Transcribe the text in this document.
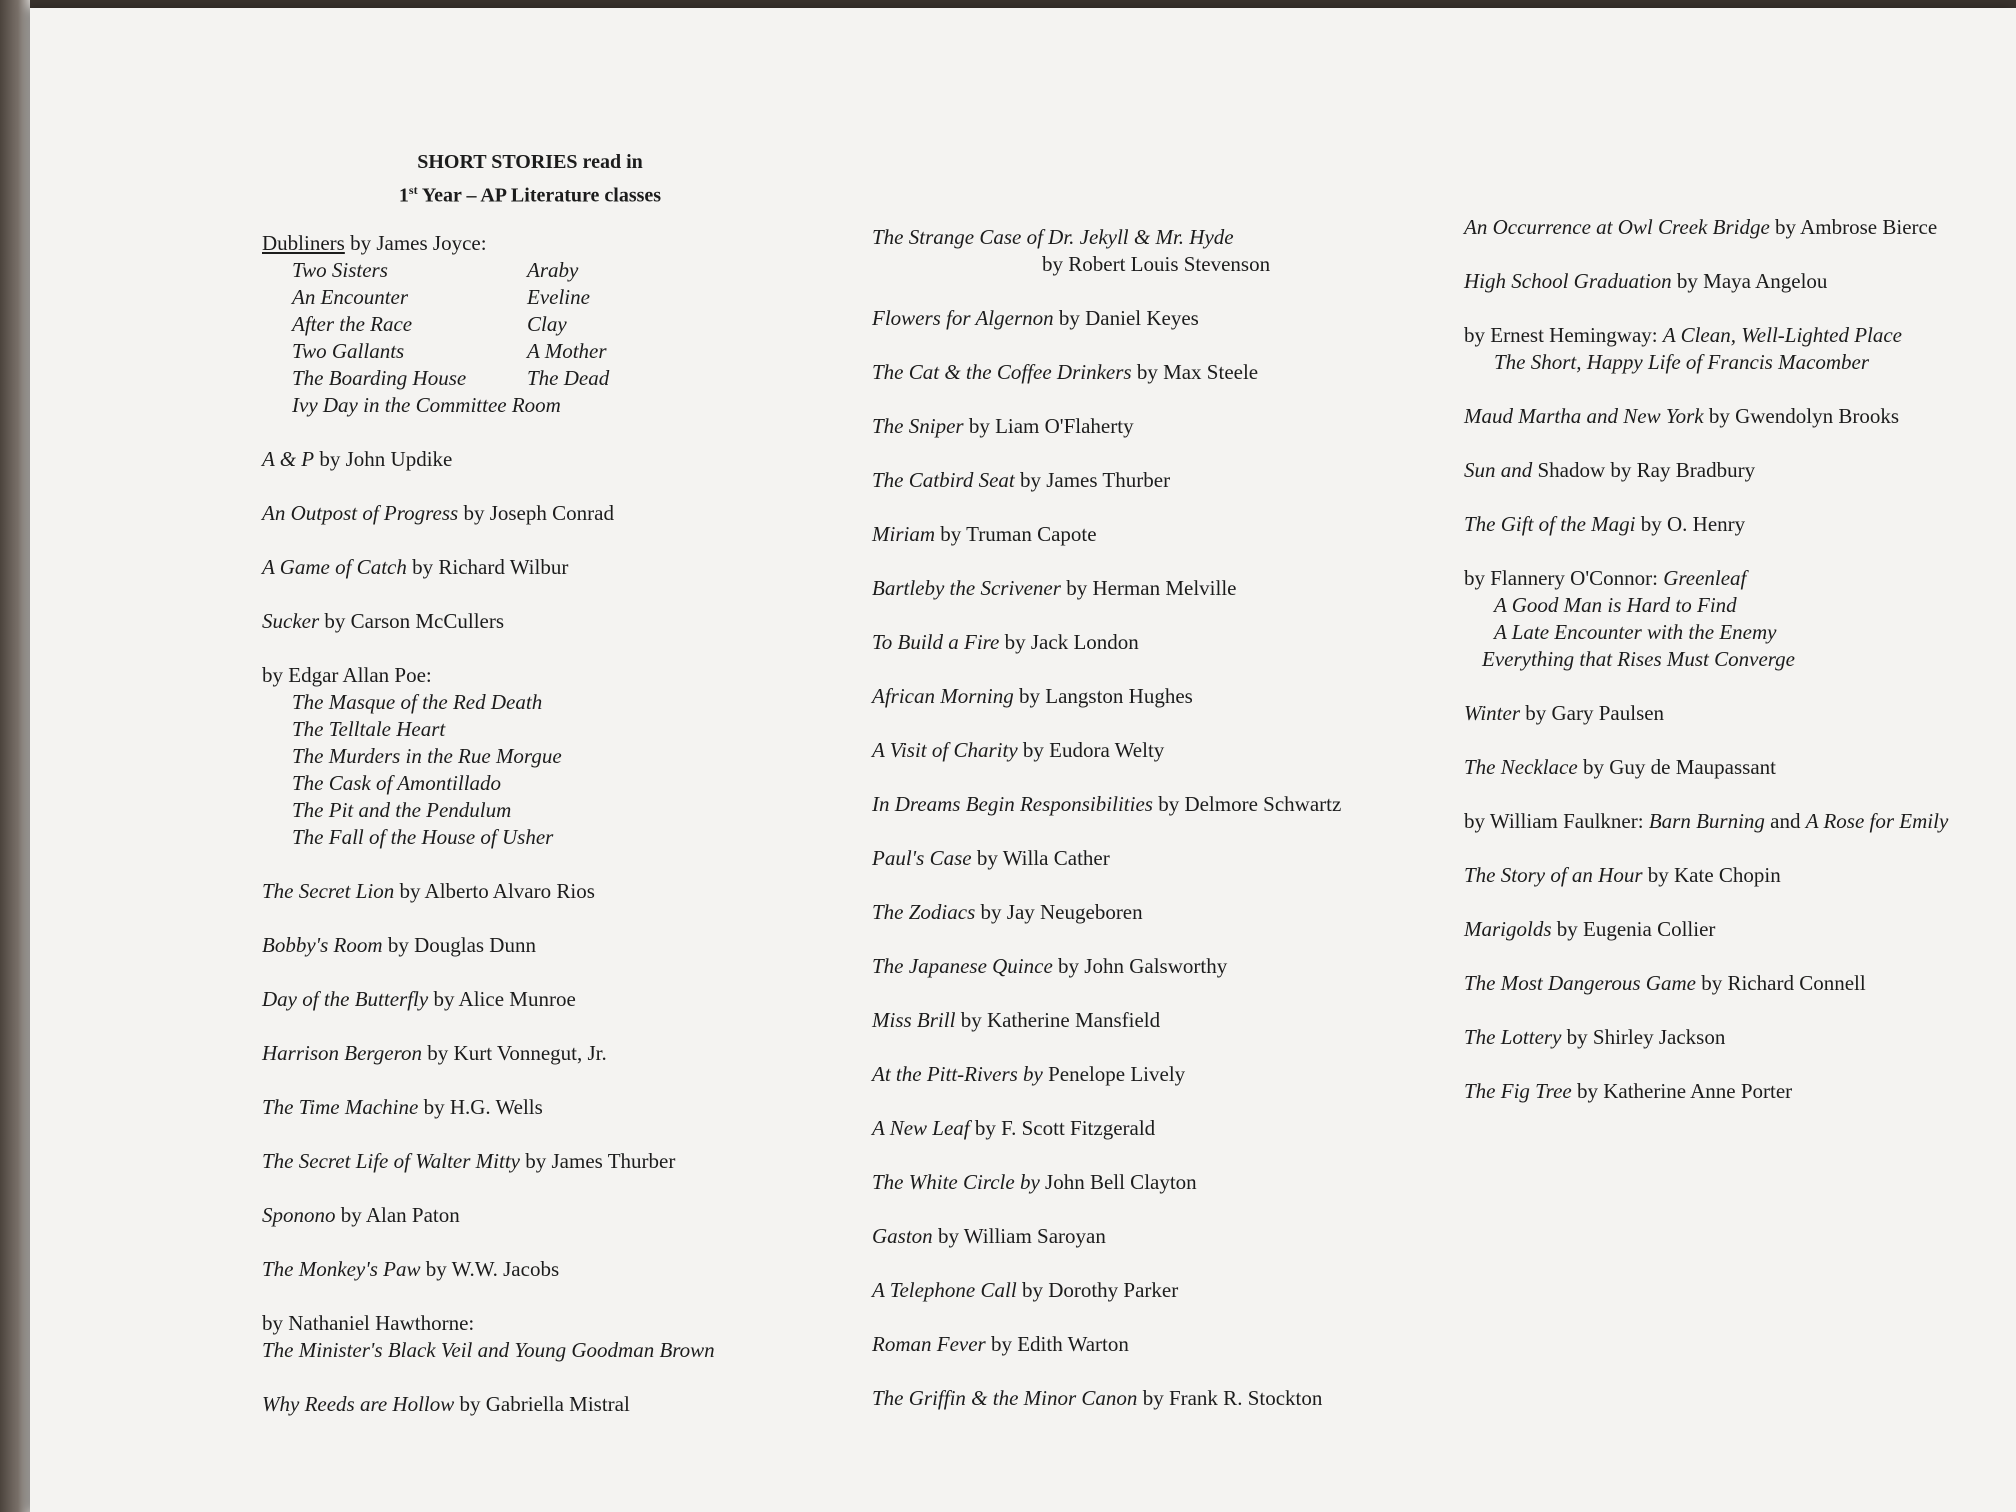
SHORT STORIES read in
1st Year – AP Literature classes
Dubliners by James Joyce:
Two Sisters	Araby
An Encounter	Eveline
After the Race	Clay
Two Gallants	A Mother
The Boarding House	The Dead
Ivy Day in the Committee Room
A & P by John Updike
An Outpost of Progress by Joseph Conrad
A Game of Catch by Richard Wilbur
Sucker by Carson McCullers
by Edgar Allan Poe:
The Masque of the Red Death
The Telltale Heart
The Murders in the Rue Morgue
The Cask of Amontillado
The Pit and the Pendulum
The Fall of the House of Usher
The Secret Lion by Alberto Alvaro Rios
Bobby's Room by Douglas Dunn
Day of the Butterfly by Alice Munroe
Harrison Bergeron by Kurt Vonnegut, Jr.
The Time Machine by H.G. Wells
The Secret Life of Walter Mitty by James Thurber
Sponono by Alan Paton
The Monkey's Paw by W.W. Jacobs
by Nathaniel Hawthorne:
The Minister's Black Veil and Young Goodman Brown
Why Reeds are Hollow by Gabriella Mistral
The Strange Case of Dr. Jekyll & Mr. Hyde
by Robert Louis Stevenson
Flowers for Algernon by Daniel Keyes
The Cat & the Coffee Drinkers by Max Steele
The Sniper by Liam O'Flaherty
The Catbird Seat by James Thurber
Miriam by Truman Capote
Bartleby the Scrivener by Herman Melville
To Build a Fire by Jack London
African Morning by Langston Hughes
A Visit of Charity by Eudora Welty
In Dreams Begin Responsibilities by Delmore Schwartz
Paul's Case by Willa Cather
The Zodiacs by Jay Neugeboren
The Japanese Quince by John Galsworthy
Miss Brill by Katherine Mansfield
At the Pitt-Rivers by Penelope Lively
A New Leaf by F. Scott Fitzgerald
The White Circle by John Bell Clayton
Gaston by William Saroyan
A Telephone Call by Dorothy Parker
Roman Fever by Edith Warton
The Griffin & the Minor Canon by Frank R. Stockton
An Occurrence at Owl Creek Bridge by Ambrose Bierce
High School Graduation by Maya Angelou
by Ernest Hemingway: A Clean, Well-Lighted Place
The Short, Happy Life of Francis Macomber
Maud Martha and New York by Gwendolyn Brooks
Sun and Shadow by Ray Bradbury
The Gift of the Magi by O. Henry
by Flannery O'Connor: Greenleaf
A Good Man is Hard to Find
A Late Encounter with the Enemy
Everything that Rises Must Converge
Winter by Gary Paulsen
The Necklace by Guy de Maupassant
by William Faulkner: Barn Burning and A Rose for Emily
The Story of an Hour by Kate Chopin
Marigolds by Eugenia Collier
The Most Dangerous Game by Richard Connell
The Lottery by Shirley Jackson
The Fig Tree by Katherine Anne Porter
